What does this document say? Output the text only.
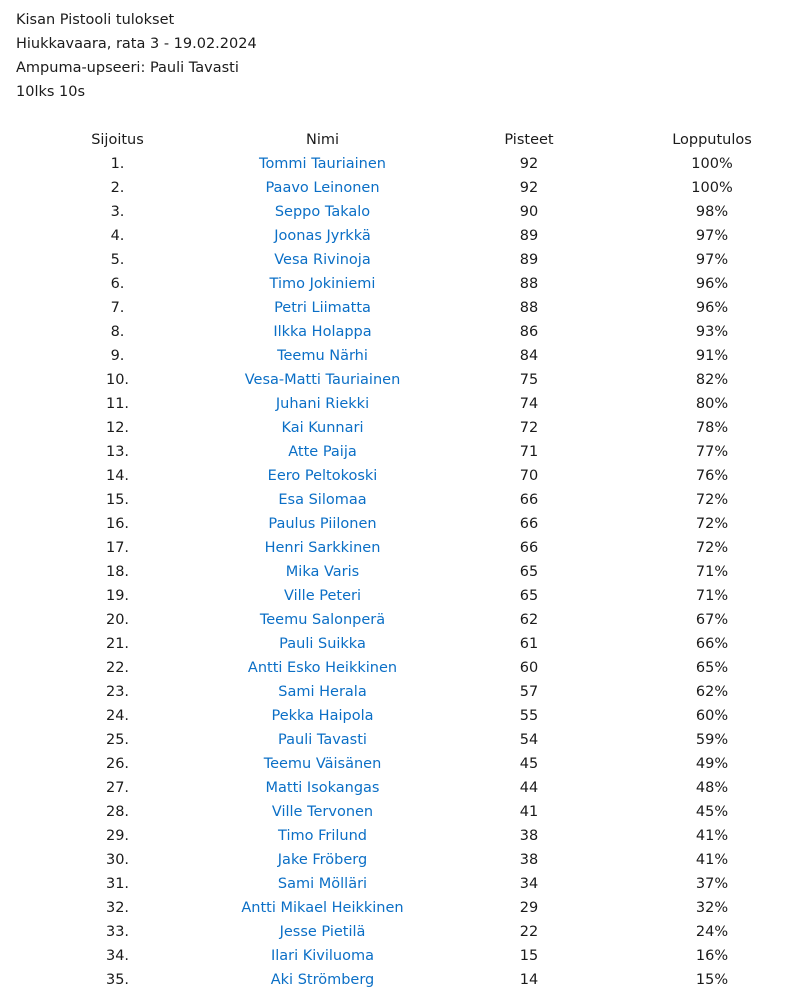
Kisan Pistooli tulokset
Hiukkavaara, rata 3 - 19.02.2024
Ampuma-upseeri: Pauli Tavasti
10lks 10s
Sijoitus	Nimi	Pisteet	Lopputulos
1.	Tommi Tauriainen	92	100%
2.	Paavo Leinonen	92	100%
3.	Seppo Takalo	90	98%
4.	Joonas Jyrkkä	89	97%
5.	Vesa Rivinoja	89	97%
6.	Timo Jokiniemi	88	96%
7.	Petri Liimatta	88	96%
8.	Ilkka Holappa	86	93%
9.	Teemu Närhi	84	91%
10.	Vesa-Matti Tauriainen	75	82%
11.	Juhani Riekki	74	80%
12.	Kai Kunnari	72	78%
13.	Atte Paija	71	77%
14.	Eero Peltokoski	70	76%
15.	Esa Silomaa	66	72%
16.	Paulus Piilonen	66	72%
17.	Henri Sarkkinen	66	72%
18.	Mika Varis	65	71%
19.	Ville Peteri	65	71%
20.	Teemu Salonperä	62	67%
21.	Pauli Suikka	61	66%
22.	Antti Esko Heikkinen	60	65%
23.	Sami Herala	57	62%
24.	Pekka Haipola	55	60%
25.	Pauli Tavasti	54	59%
26.	Teemu Väisänen	45	49%
27.	Matti Isokangas	44	48%
28.	Ville Tervonen	41	45%
29.	Timo Frilund	38	41%
30.	Jake Fröberg	38	41%
31.	Sami Mölläri	34	37%
32.	Antti Mikael Heikkinen	29	32%
33.	Jesse Pietilä	22	24%
34.	Ilari Kiviluoma	15	16%
35.	Aki Strömberg	14	15%
